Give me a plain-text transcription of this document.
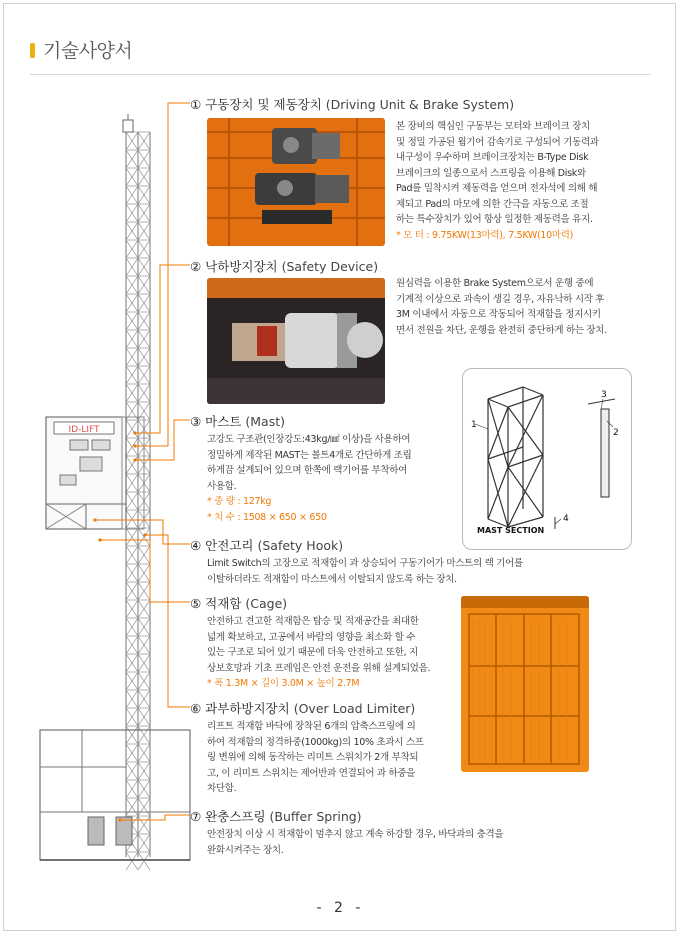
기술사양서
ID-LIFT
① 구동장치 및 제동장치 (Driving Unit & Brake System)
본 장비의 핵심인 구동부는 모터와 브레이크 장치
및 정밀 가공된 웜기어 감속기로 구성되어 기동력과
내구성이 우수하며 브레이크장치는 B-Type Disk
브레이크의 일종으로서 스프링을 이용해 Disk와
Pad를 밀착시켜 제동력을 얻으며 전자석에 의해 해
제되고 Pad의 마모에 의한 간극을 자동으로 조절
하는 특수장치가 있어 항상 일정한 제동력을 유지.
* 모 터 : 9.75KW(13마력), 7.5KW(10마력)
② 낙하방지장치 (Safety Device)
원심력을 이용한 Brake System으로서 운행 중에
기계적 이상으로 과속이 생길 경우, 자유낙하 시작 후
3M 이내에서 자동으로 작동되어 적재함을 정지시키
면서 전원을 차단, 운행을 완전히 중단하게 하는 장치.
1
2
3
4
MAST SECTION
③ 마스트 (Mast)
고강도 구조관(인장강도:43kg/㎟ 이상)을 사용하여
정밀하게 제작된 MAST는 볼트4개로 간단하게 조립
하게끔 설계되어 있으며 한쪽에 랙기어를 부착하여
사용함.
* 중 량 : 127kg
* 치 수 : 1508 × 650 × 650
④ 안전고리 (Safety Hook)
Limit Switch의 고장으로 적재함이 과 상승되어 구동기어가 마스트의 랙 기어를
이탈하더라도 적재함이 마스트에서 이탈되지 않도록 하는 장치.
⑤ 적재함 (Cage)
안전하고 견고한 적재함은 탑승 및 적재공간을 최대한
넓게 확보하고, 고공에서 바람의 영향을 최소화 할 수
있는 구조로 되어 있기 때문에 더욱 안전하고 또한, 지
상보호망과 기초 프레임은 안전 운전을 위해 설계되었음.
* 폭 1.3M × 길이 3.0M × 높이 2.7M
⑥ 과부하방지장치 (Over Load Limiter)
리프트 적재함 바닥에 장착된 6개의 압축스프링에 의
하여 적재함의 정격하중(1000kg)의 10% 초과시 스프
링 변위에 의해 동작하는 리미트 스위치가 2개 부착되
고, 이 리미트 스위치는 제어반과 연결되어 과 하중을
차단함.
⑦ 완충스프링 (Buffer Spring)
안전장치 이상 시 적재함이 멈추지 않고 계속 하강할 경우, 바닥과의 충격을
완화시켜주는 장치.
- 2 -
